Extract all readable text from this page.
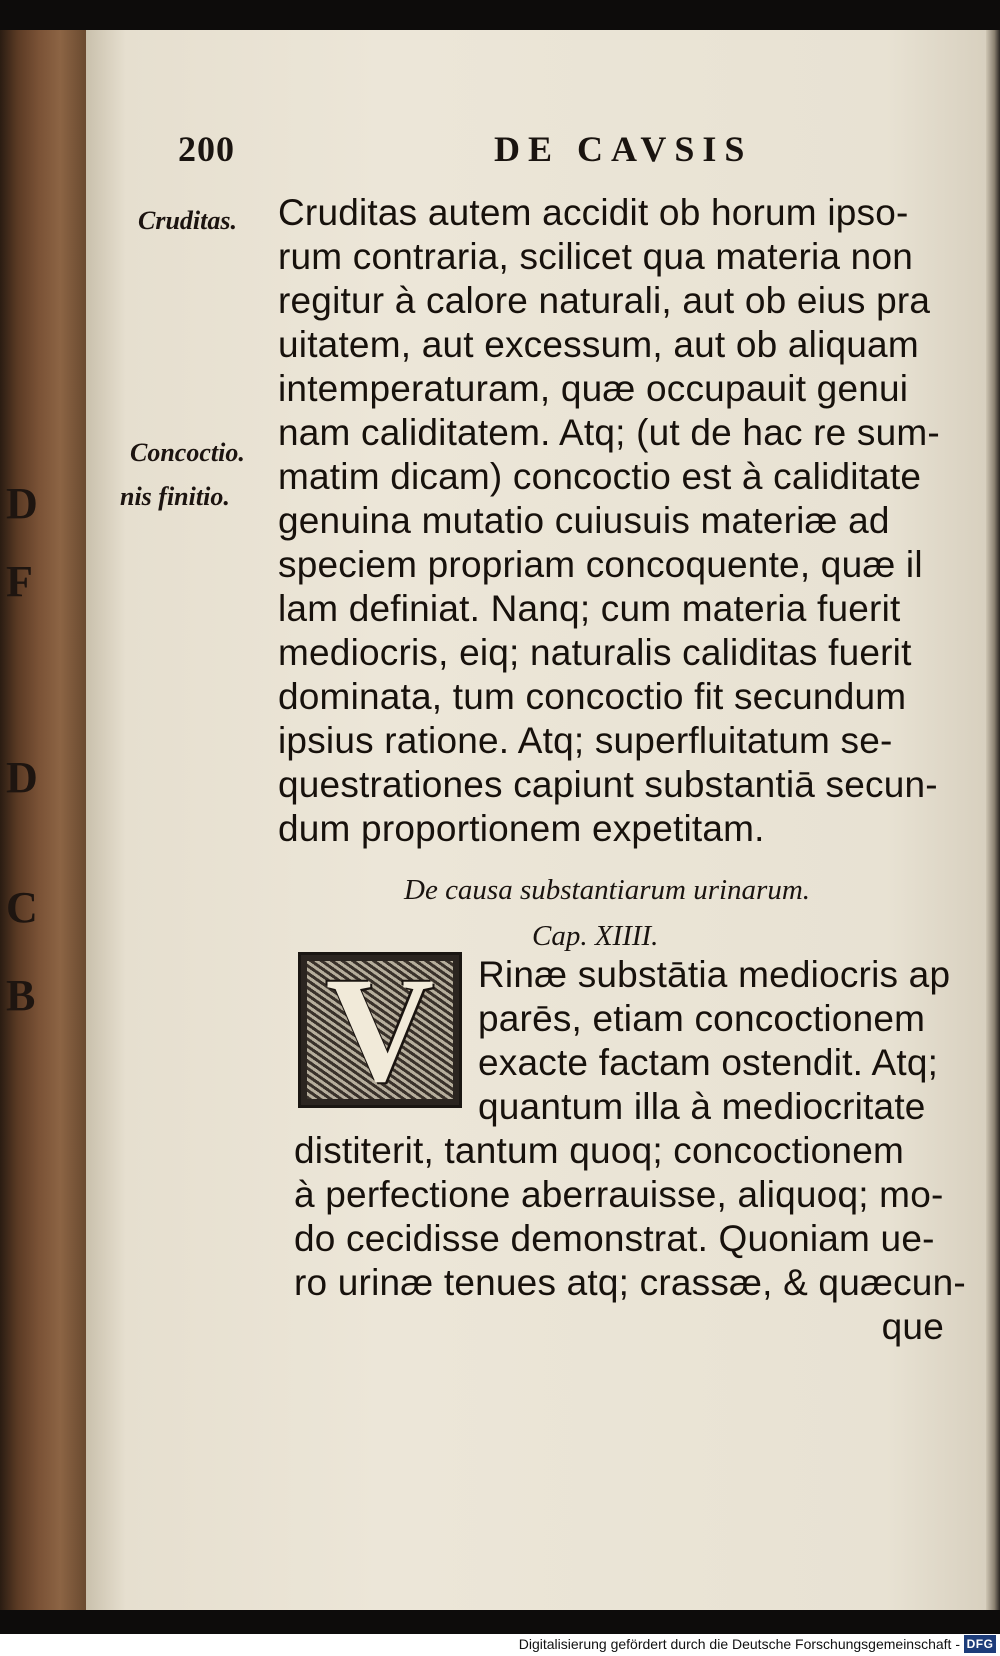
D
F
D
C
B
200	DE CAVSIS
Cruditas.
Concoctio.
nis finitio.
Cruditas autem accidit ob horum ipso-
rum contraria, scilicet qua materia non
regitur à calore naturali, aut ob eius pra
uitatem, aut excessum, aut ob aliquam
intemperaturam, quæ occupauit genui
nam caliditatem. Atq; (ut de hac re sum-
matim dicam) concoctio est à caliditate
genuina mutatio cuiusuis materiæ ad
speciem propriam concoquente, quæ il
lam definiat. Nanq; cum materia fuerit
mediocris, eiq; naturalis caliditas fuerit
dominata, tum concoctio fit secundum
ipsius ratione. Atq; superfluitatum se-
questrationes capiunt substantiā secun-
dum proportionem expetitam.
De causa substantiarum urinarum.
Cap. XIIII.
V Rinæ substātia mediocris ap
parēs, etiam concoctionem
exacte factam ostendit. Atq;
quantum illa à mediocritate
distiterit, tantum quoq; concoctionem
à perfectione aberrauisse, aliquoq; mo-
do cecidisse demonstrat. Quoniam ue-
ro urinæ tenues atq; crassæ, & quæcun-
que
Digitalisierung gefördert durch die Deutsche Forschungsgemeinschaft - DFG
